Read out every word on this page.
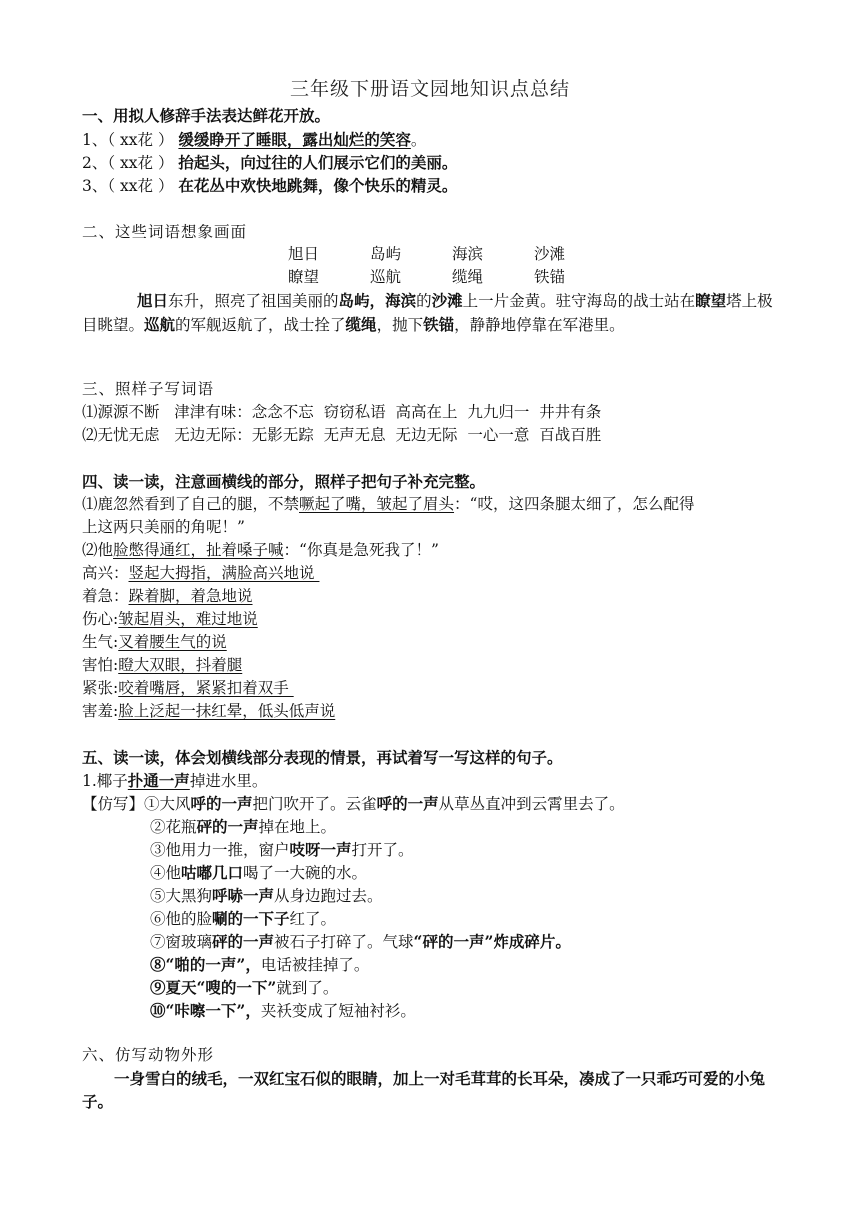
三年级下册语文园地知识点总结
一、用拟人修辞手法表达鲜花开放。
1、（ xx花 ） 缓缓睁开了睡眼，露出灿烂的笑容。
2、（ xx花 ） 抬起头，向过往的人们展示它们的美丽。
3、（ xx花 ） 在花丛中欢快地跳舞，像个快乐的精灵。
二、这些词语想象画面
旭日	岛屿	海滨	沙滩
瞭望	巡航	缆绳	铁锚
旭日东升，照亮了祖国美丽的岛屿，海滨的沙滩上一片金黄。驻守海岛的战士站在瞭望塔上极目眺望。巡航的军舰返航了，战士拴了缆绳，抛下铁锚，静静地停靠在军港里。
三、照样子写词语
⑴源源不断   津津有味：念念不忘  窃窃私语  高高在上  九九归一  井井有条
⑵无忧无虑   无边无际：无影无踪  无声无息  无边无际  一心一意  百战百胜
四、读一读，注意画横线的部分，照样子把句子补充完整。
⑴鹿忽然看到了自己的腿，不禁噘起了嘴，皱起了眉头：“哎，这四条腿太细了，怎么配得
上这两只美丽的角呢！”
⑵他脸憋得通红，扯着嗓子喊：“你真是急死我了！”
高兴：竖起大拇指，满脸高兴地说
着急：跺着脚，着急地说
伤心:皱起眉头，难过地说
生气:叉着腰生气的说
害怕:瞪大双眼，抖着腿
紧张:咬着嘴唇，紧紧扣着双手
害羞:脸上泛起一抹红晕，低头低声说
五、读一读，体会划横线部分表现的情景，再试着写一写这样的句子。
1.椰子扑通一声掉进水里。
【仿写】①大风呼的一声把门吹开了。云雀呼的一声从草丛直冲到云霄里去了。
②花瓶砰的一声掉在地上。
③他用力一推，窗户吱呀一声打开了。
④他咕嘟几口喝了一大碗的水。
⑤大黑狗呼哧一声从身边跑过去。
⑥他的脸唰的一下子红了。
⑦窗玻璃砰的一声被石子打碎了。气球“砰的一声”炸成碎片。
⑧“啪的一声”，电话被挂掉了。
⑨夏天“嗖的一下”就到了。
⑩“咔嚓一下”，夹袄变成了短袖衬衫。
六、仿写动物外形
一身雪白的绒毛，一双红宝石似的眼睛，加上一对毛茸茸的长耳朵，凑成了一只乖巧可爱的小兔子。
